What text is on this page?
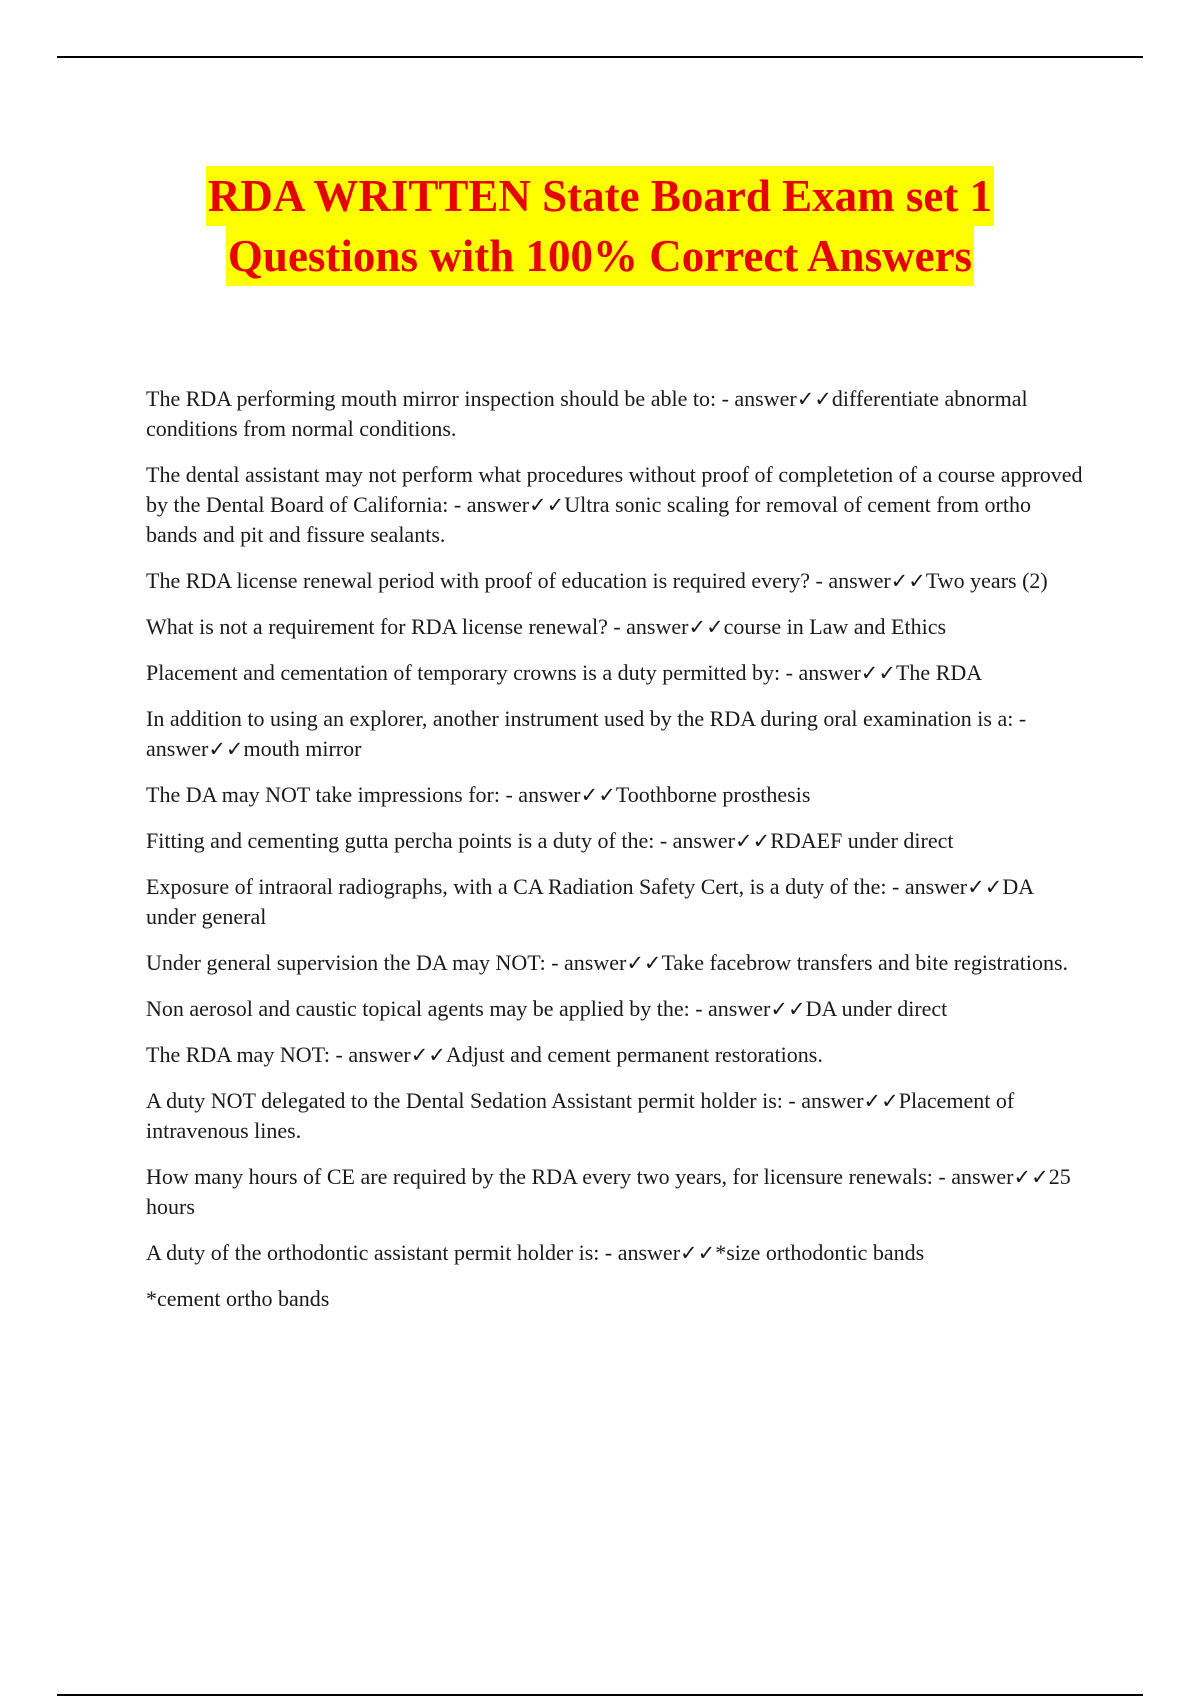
RDA WRITTEN State Board Exam set 1
Questions with 100% Correct Answers

The RDA performing mouth mirror inspection should be able to: - answer✓✓differentiate abnormal conditions from normal conditions.

The dental assistant may not perform what procedures without proof of completetion of a course approved by the Dental Board of California: - answer✓✓Ultra sonic scaling for removal of cement from ortho bands and pit and fissure sealants.

The RDA license renewal period with proof of education is required every? - answer✓✓Two years (2)

What is not a requirement for RDA license renewal? - answer✓✓course in Law and Ethics

Placement and cementation of temporary crowns is a duty permitted by: - answer✓✓The RDA

In addition to using an explorer, another instrument used by the RDA during oral examination is a: - answer✓✓mouth mirror

The DA may NOT take impressions for: - answer✓✓Toothborne prosthesis

Fitting and cementing gutta percha points is a duty of the: - answer✓✓RDAEF under direct

Exposure of intraoral radiographs, with a CA Radiation Safety Cert, is a duty of the: - answer✓✓DA under general

Under general supervision the DA may NOT: - answer✓✓Take facebrow transfers and bite registrations.

Non aerosol and caustic topical agents may be applied by the: - answer✓✓DA under direct

The RDA may NOT: - answer✓✓Adjust and cement permanent restorations.

A duty NOT delegated to the Dental Sedation Assistant permit holder is: - answer✓✓Placement of intravenous lines.

How many hours of CE are required by the RDA every two years, for licensure renewals: - answer✓✓25 hours

A duty of the orthodontic assistant permit holder is: - answer✓✓*size orthodontic bands

*cement ortho bands
